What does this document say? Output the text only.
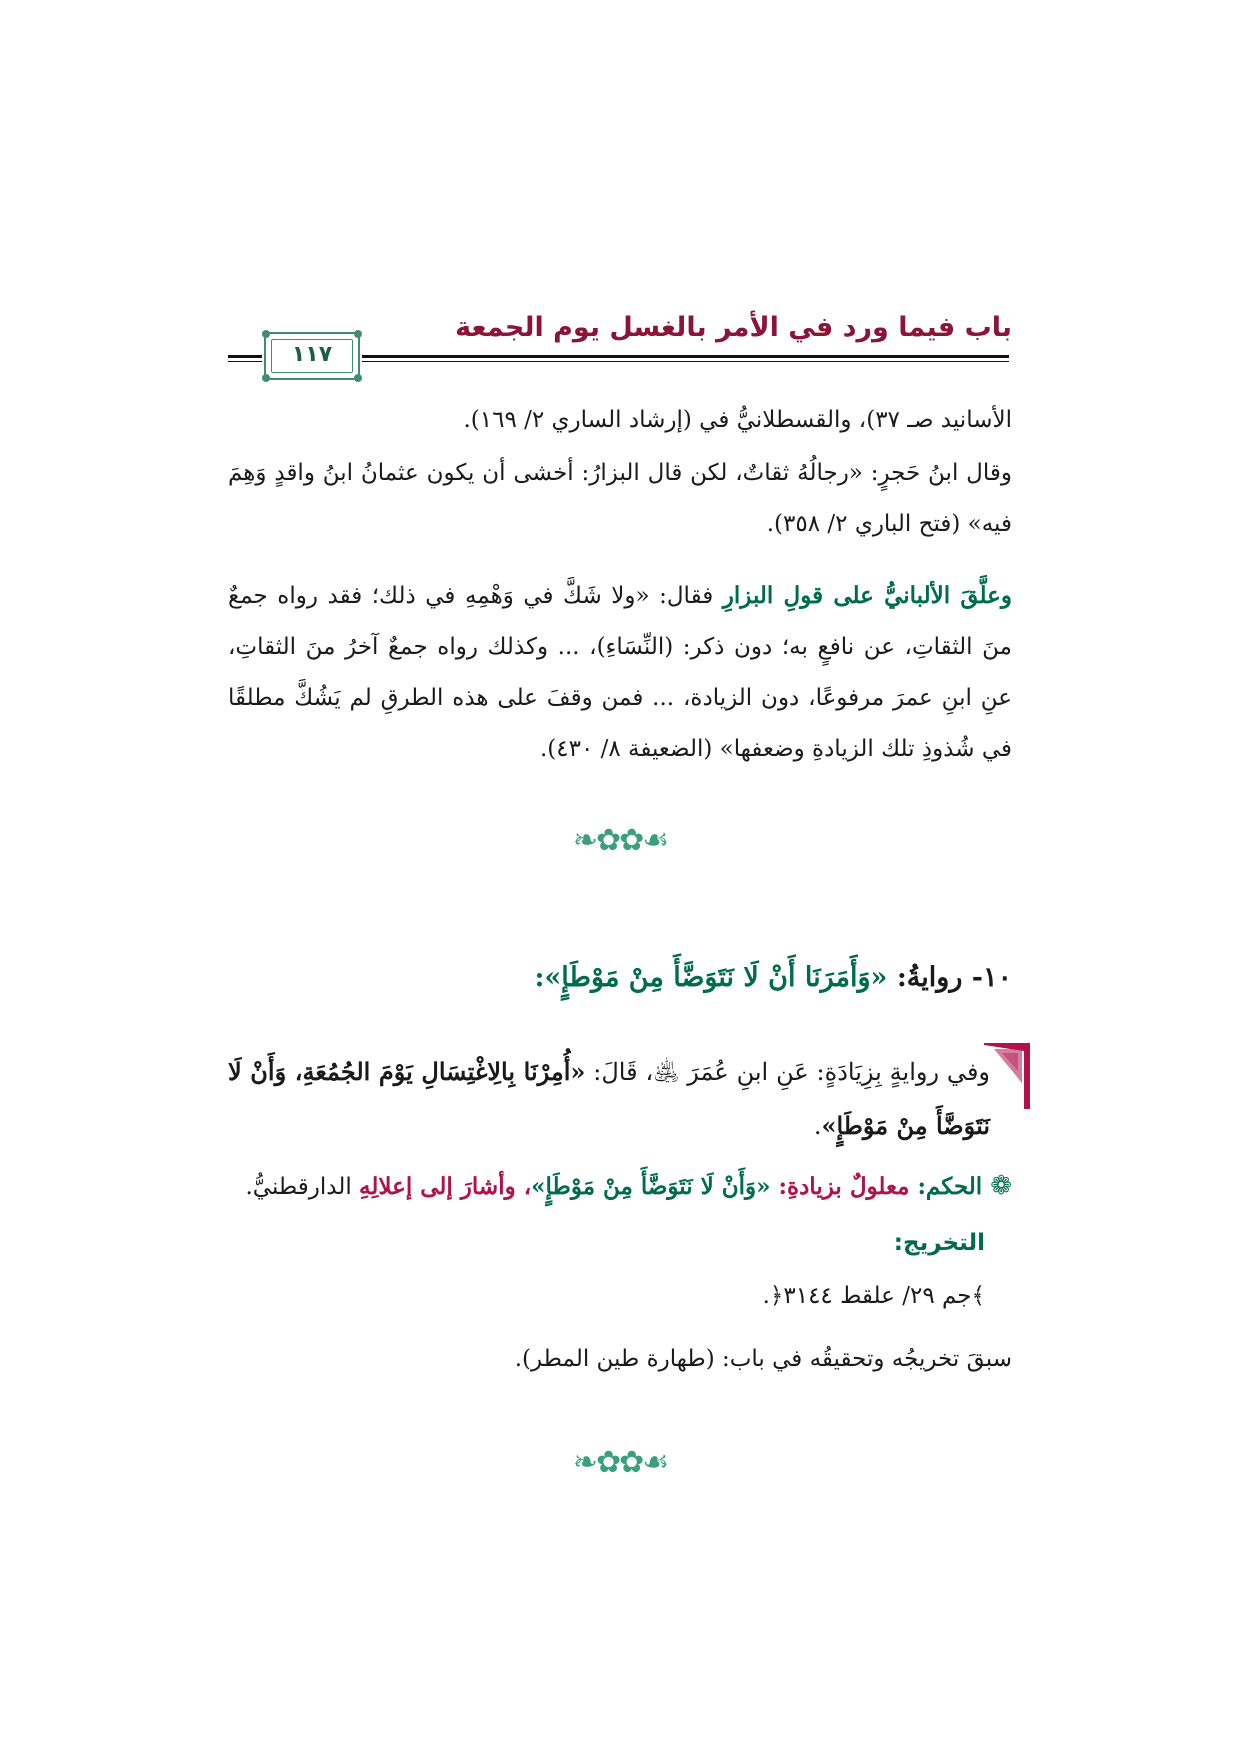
باب فيما ورد في الأمر بالغسل يوم الجمعة
١١٧

الأسانيد صـ ٣٧)، والقسطلانيُّ في (إرشاد الساري ٢/ ١٦٩).

وقال ابنُ حَجرٍ: «رجالُهُ ثقاتٌ، لكن قال البزارُ: أخشى أن يكون عثمانُ ابنُ واقدٍ وَهِمَ فيه» (فتح الباري ٢/ ٣٥٨).

وعلَّقَ الألبانيُّ على قولِ البزارِ فقال: «ولا شَكَّ في وَهْمِهِ في ذلك؛ فقد رواه جمعٌ منَ الثقاتِ، عن نافعٍ به؛ دون ذكر: (النِّسَاءِ)، ... وكذلك رواه جمعٌ آخرُ منَ الثقاتِ، عنِ ابنِ عمرَ مرفوعًا، دون الزيادة، ... فمن وقفَ على هذه الطرقِ لم يَشُكَّ مطلقًا في شُذوذِ تلك الزيادةِ وضعفها» (الضعيفة ٨/ ٤٣٠).

❧✿✿☙
١٠- روايةُ: «وَأَمَرَنَا أَنْ لَا نَتَوَضَّأَ مِنْ مَوْطَإٍ»:

وفي روايةٍ بِزِيَادَةٍ: عَنِ ابنِ عُمَرَ ﵁، قَالَ: «أُمِرْنَا بِالِاغْتِسَالِ يَوْمَ الجُمُعَةِ، وَأَنْ لَا نَتَوَضَّأَ مِنْ مَوْطَإٍ».

❁ الحكم: معلولٌ بزيادةِ: «وَأَنْ لَا نَتَوَضَّأَ مِنْ مَوْطَإٍ»، وأشارَ إلى إعلالِهِ الدارقطنيُّ.

التخريج:
﴾جم ٢٩/ علقط ٣١٤٤﴿.
سبقَ تخريجُه وتحقيقُه في باب: (طهارة طين المطر).
❧✿✿☙
